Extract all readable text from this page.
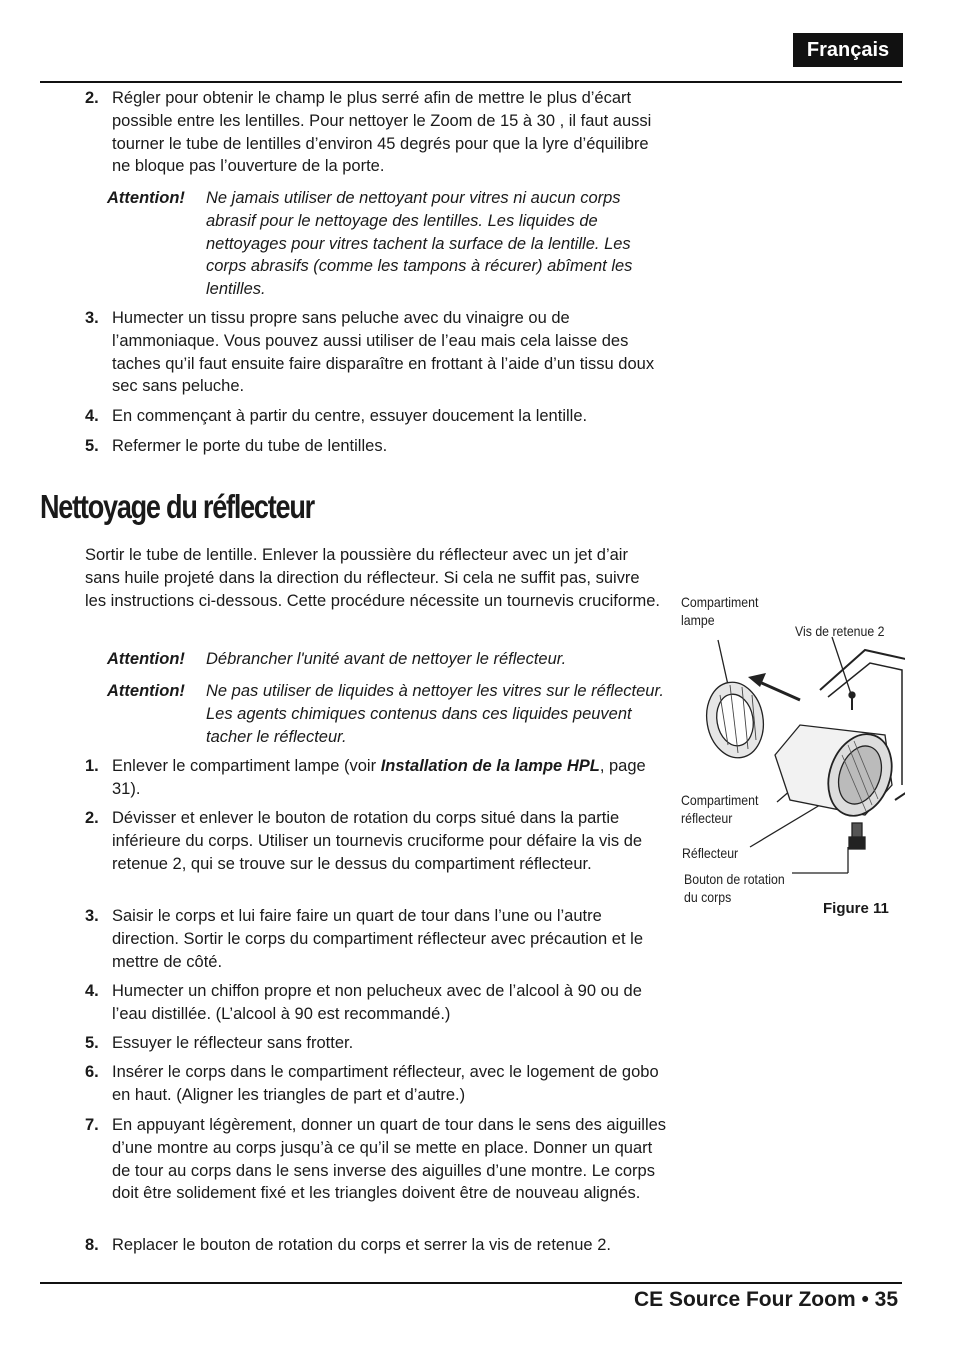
Français
2. Régler pour obtenir le champ le plus serré afin de mettre le plus d’écart possible entre les lentilles. Pour nettoyer le Zoom de 15 à 30 , il faut aussi tourner le tube de lentilles d’environ 45 degrés pour que la lyre d’équilibre ne bloque pas l’ouverture de la porte.
Attention! Ne jamais utiliser de nettoyant pour vitres ni aucun corps abrasif pour le nettoyage des lentilles. Les liquides de nettoyages pour vitres tachent la surface de la lentille. Les corps abrasifs (comme les tampons à récurer) abîment les lentilles.
3. Humecter un tissu propre sans peluche avec du vinaigre ou de l’ammoniaque. Vous pouvez aussi utiliser de l’eau mais cela laisse des taches qu’il faut ensuite faire disparaître en frottant à l’aide d’un tissu doux sec sans peluche.
4. En commençant à partir du centre, essuyer doucement la lentille.
5. Refermer le porte du tube de lentilles.
Nettoyage du réflecteur
Sortir le tube de lentille. Enlever la poussière du réflecteur avec un jet d’air sans huile projeté dans la direction du réflecteur. Si cela ne suffit pas, suivre les instructions ci-dessous. Cette procédure nécessite un tournevis cruciforme.
Attention! Débrancher l'unité avant de nettoyer le réflecteur.
Attention! Ne pas utiliser de liquides à nettoyer les vitres sur le réflecteur. Les agents chimiques contenus dans ces liquides peuvent tacher le réflecteur.
1. Enlever le compartiment lampe (voir Installation de la lampe HPL, page 31).
2. Dévisser et enlever le bouton de rotation du corps situé dans la partie inférieure du corps. Utiliser un tournevis cruciforme pour défaire la vis de retenue 2, qui se trouve sur le dessus du compartiment réflecteur.
3. Saisir le corps et lui faire faire un quart de tour dans l’une ou l’autre direction. Sortir le corps du compartiment réflecteur avec précaution et le mettre de côté.
4. Humecter un chiffon propre et non pelucheux avec de l’alcool à 90 ou de l’eau distillée. (L’alcool à 90 est recommandé.)
5. Essuyer le réflecteur sans frotter.
6. Insérer le corps dans le compartiment réflecteur, avec le logement de gobo en haut. (Aligner les triangles de part et d’autre.)
7. En appuyant légèrement, donner un quart de tour dans le sens des aiguilles d’une montre au corps jusqu’à ce qu’il se mette en place. Donner un quart de tour au corps dans le sens inverse des aiguilles d’une montre. Le corps doit être solidement fixé et les triangles doivent être de nouveau alignés.
8. Replacer le bouton de rotation du corps et serrer la vis de retenue 2.
Compartiment lampe
Vis de retenue 2
Compartiment réflecteur
Réflecteur
Bouton de rotation du corps
Figure 11
CE Source Four Zoom • 35
